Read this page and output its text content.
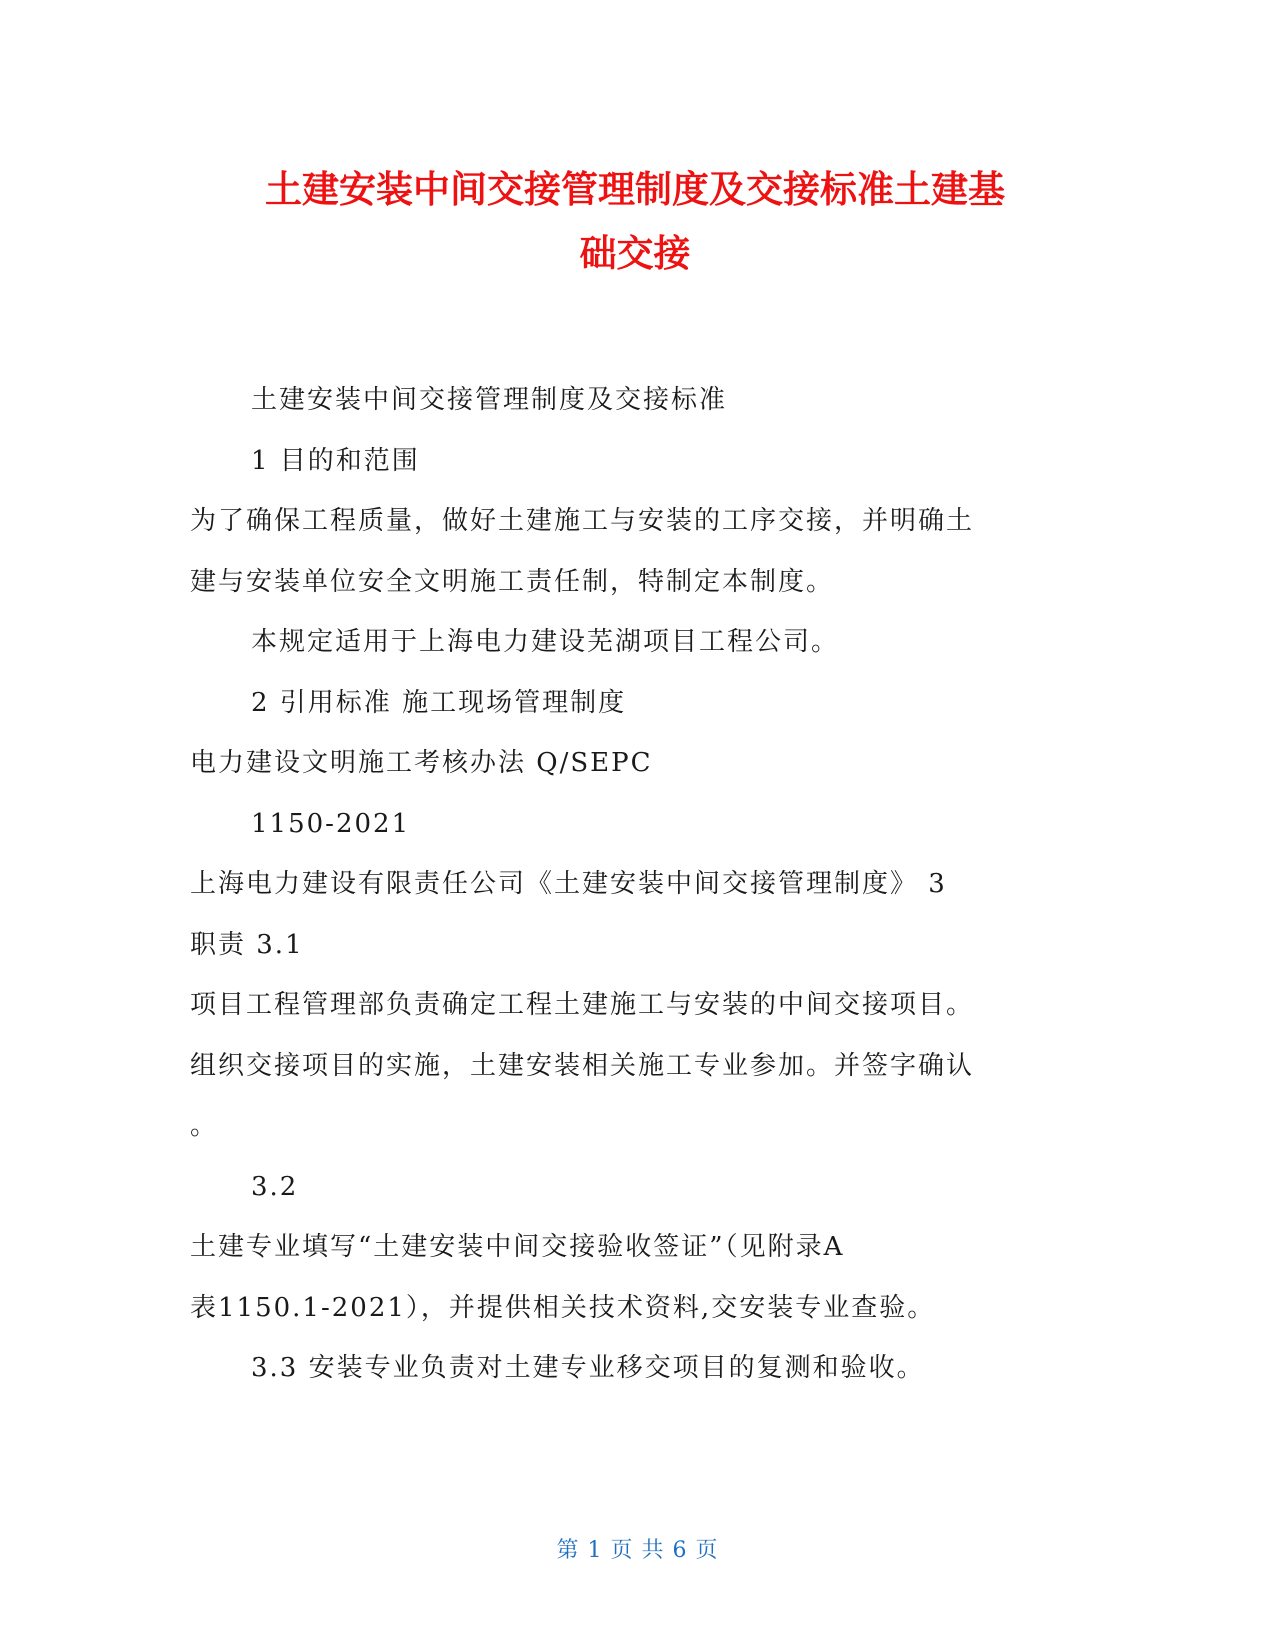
土建安装中间交接管理制度及交接标准土建基
础交接
土建安装中间交接管理制度及交接标准
1 目的和范围
为了确保工程质量，做好土建施工与安装的工序交接，并明确土
建与安装单位安全文明施工责任制，特制定本制度。
本规定适用于上海电力建设芜湖项目工程公司。
2 引用标准 施工现场管理制度
电力建设文明施工考核办法 Q/SEPC
1150-2021
上海电力建设有限责任公司《土建安装中间交接管理制度》 3
职责 3.1
项目工程管理部负责确定工程土建施工与安装的中间交接项目。
组织交接项目的实施，土建安装相关施工专业参加。并签字确认
。
3.2
土建专业填写“土建安装中间交接验收签证”（见附录A
表1150.1-2021），并提供相关技术资料,交安装专业查验。
3.3 安装专业负责对土建专业移交项目的复测和验收。
第 1 页 共 6 页
